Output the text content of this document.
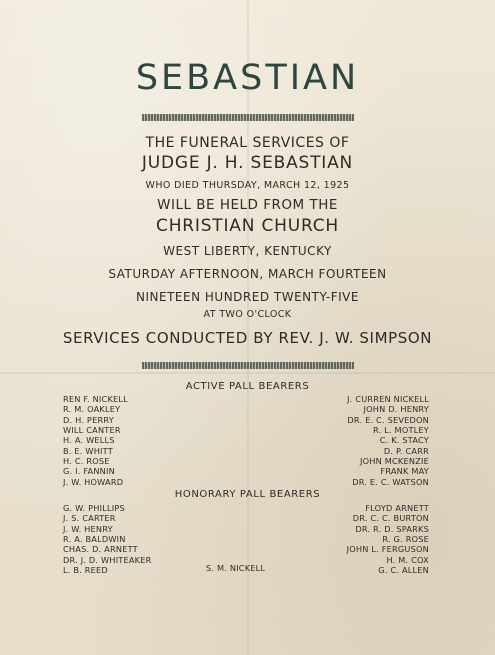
SEBASTIAN
THE FUNERAL SERVICES OF
JUDGE J. H. SEBASTIAN
WHO DIED THURSDAY, MARCH 12, 1925
WILL BE HELD FROM THE
CHRISTIAN CHURCH
WEST LIBERTY, KENTUCKY
SATURDAY AFTERNOON, MARCH FOURTEEN
NINETEEN HUNDRED TWENTY-FIVE
AT TWO O'CLOCK
SERVICES CONDUCTED BY REV. J. W. SIMPSON
ACTIVE PALL BEARERS
REN F. NICKELL
R. M. OAKLEY
D. H. PERRY
WILL CANTER
H. A. WELLS
B. E. WHITT
H. C. ROSE
G. I. FANNIN
J. W. HOWARD
J. CURREN NICKELL
JOHN D. HENRY
DR. E. C. SEVEDON
R. L. MOTLEY
C. K. STACY
D. P. CARR
JOHN MCKENZIE
FRANK MAY
DR. E. C. WATSON
HONORARY PALL BEARERS
G. W. PHILLIPS
J. S. CARTER
J. W. HENRY
R. A. BALDWIN
CHAS. D. ARNETT
DR. J. D. WHITEAKER
L. B. REED	S. M. NICKELL
FLOYD ARNETT
DR. C. C. BURTON
DR. R. D. SPARKS
R. G. ROSE
JOHN L. FERGUSON
H. M. COX
G. C. ALLEN
